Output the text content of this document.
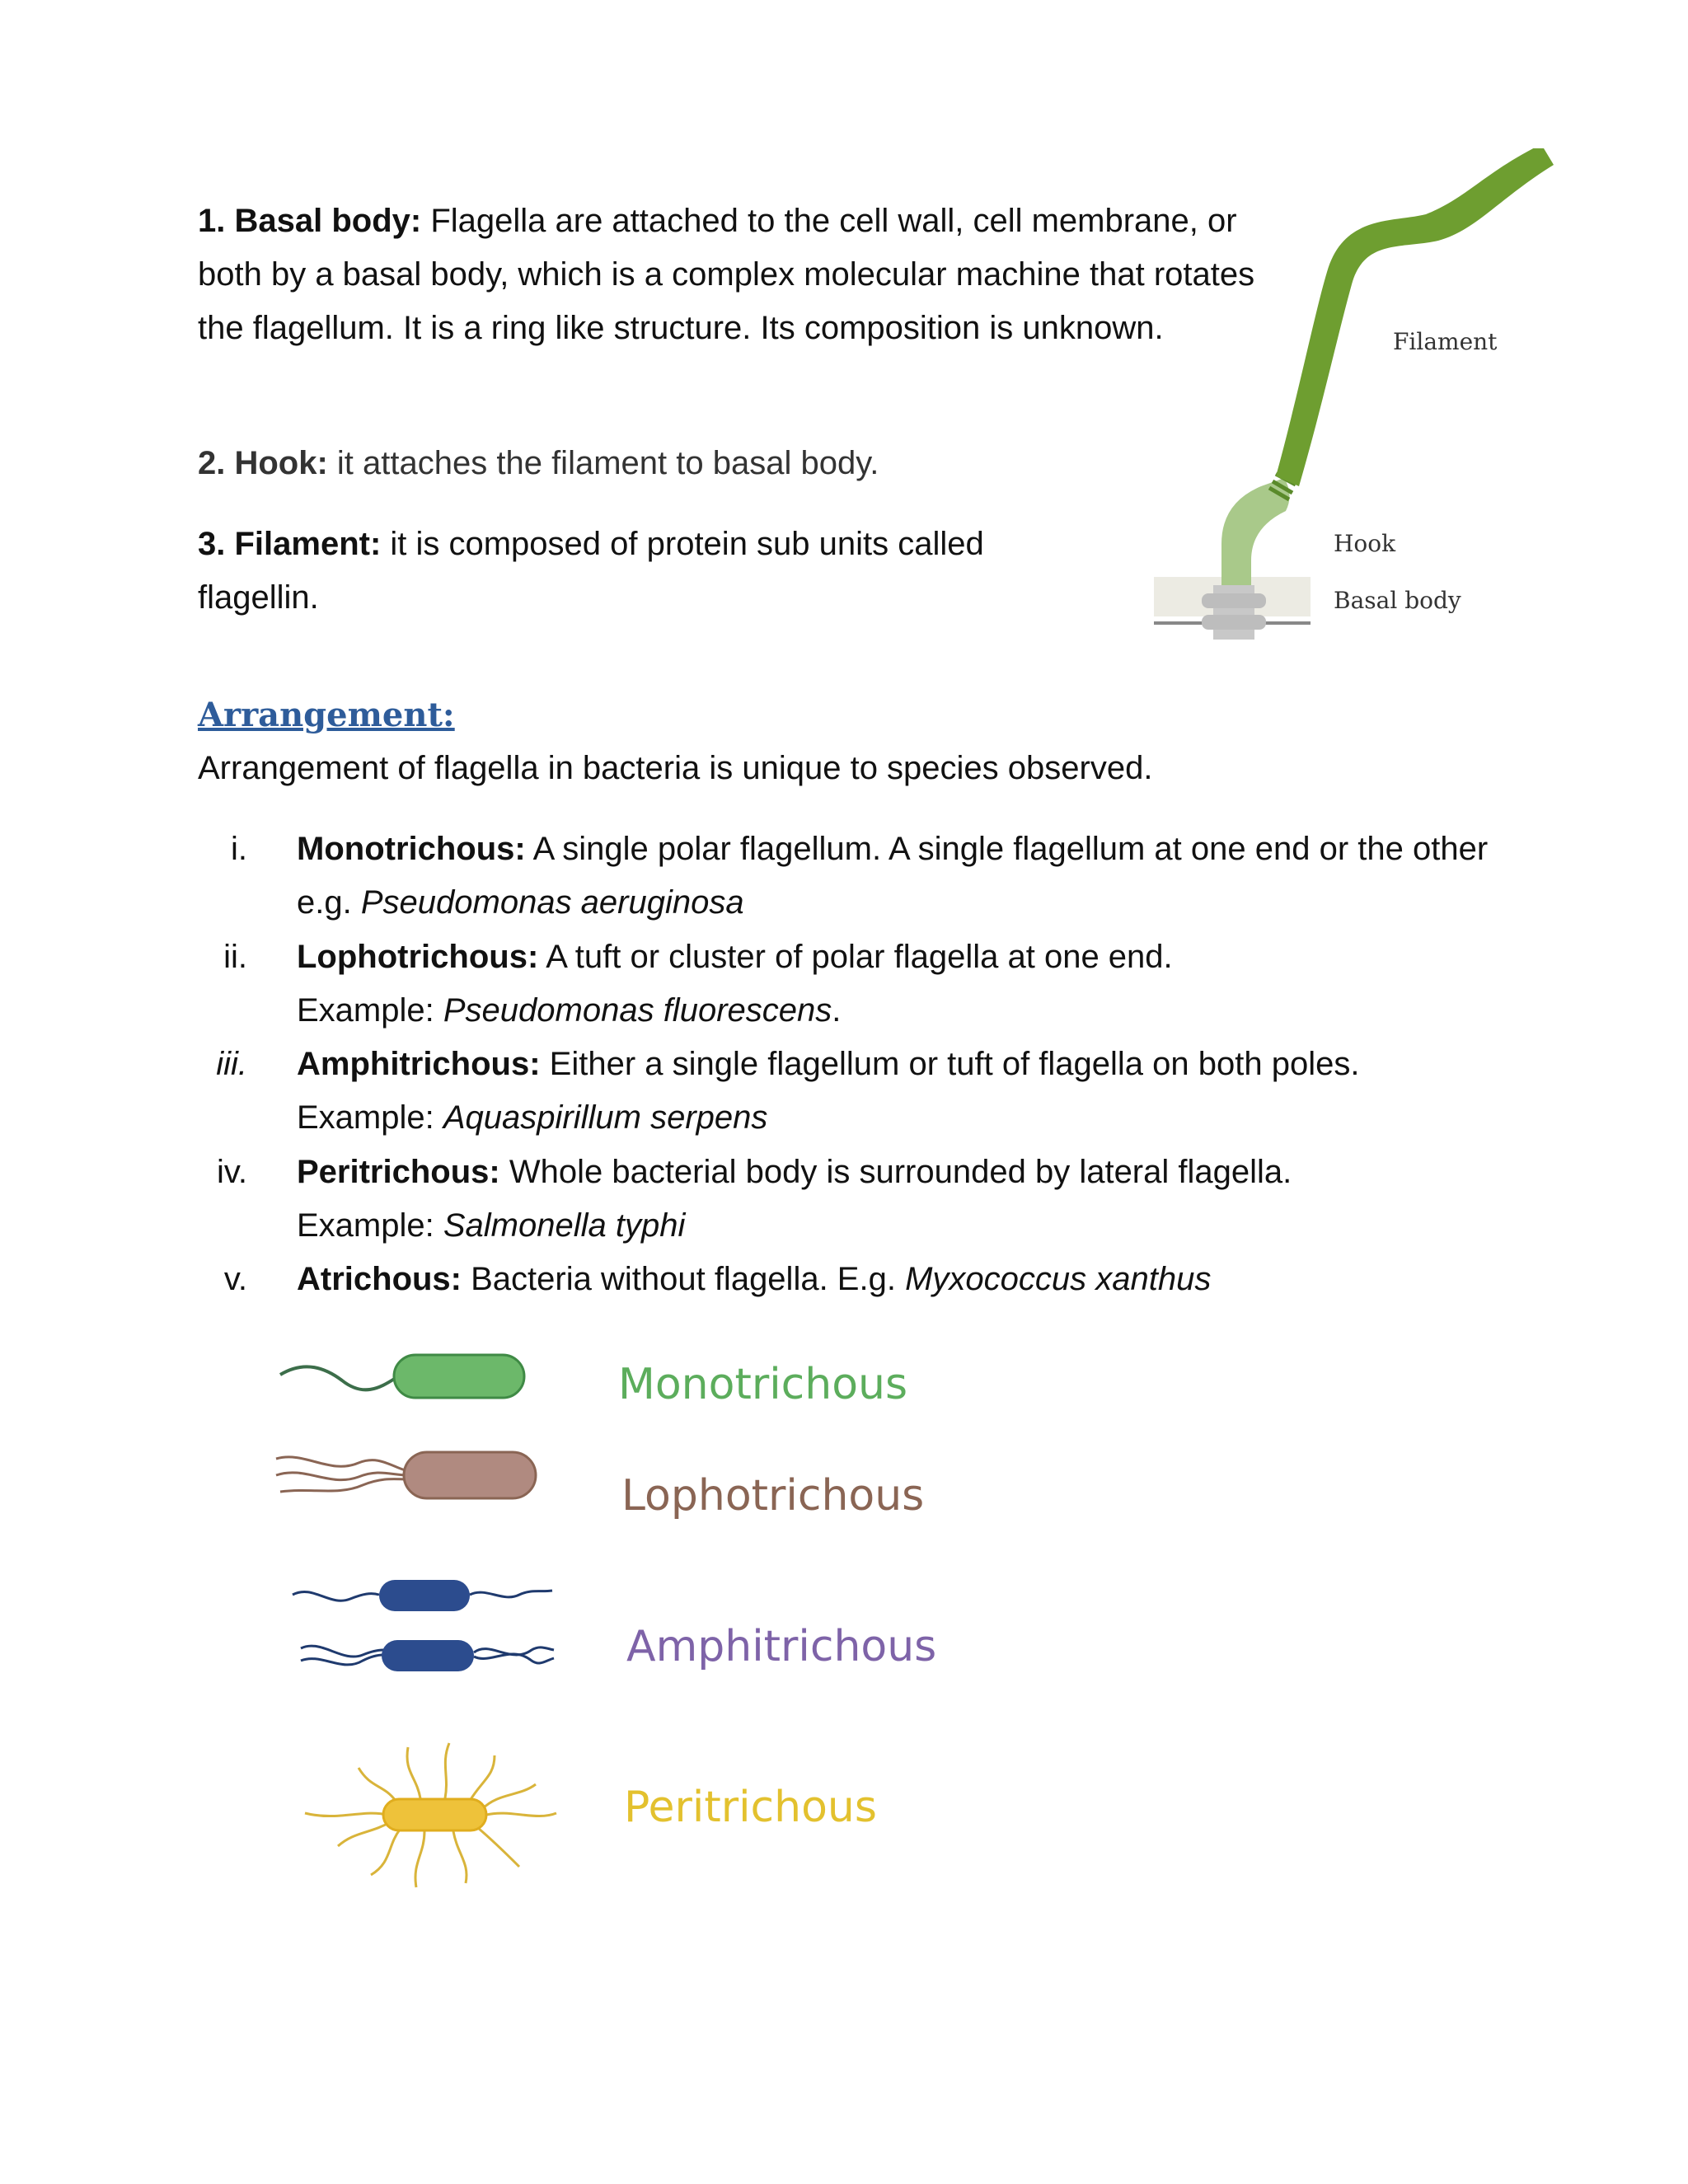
1. Basal body: Flagella are attached to the cell wall, cell membrane, or both by a basal body, which is a complex molecular machine that rotates the flagellum. It is a ring like structure. Its composition is unknown.

2. Hook: it attaches the filament to basal body.

3. Filament: it is composed of protein sub units called flagellin.

Filament
Hook
Basal body
Arrangement:

Arrangement of flagella in bacteria is unique to species observed.

i. Monotrichous: A single polar flagellum. A single flagellum at one end or the other e.g. Pseudomonas aeruginosa
ii. Lophotrichous: A tuft or cluster of polar flagella at one end.
Example: Pseudomonas fluorescens.
iii. Amphitrichous: Either a single flagellum or tuft of flagella on both poles.
Example: Aquaspirillum serpens
iv. Peritrichous: Whole bacterial body is surrounded by lateral flagella.
Example: Salmonella typhi
v. Atrichous: Bacteria without flagella. E.g. Myxococcus xanthus
Monotrichous
Lophotrichous
Amphitrichous
Peritrichous
